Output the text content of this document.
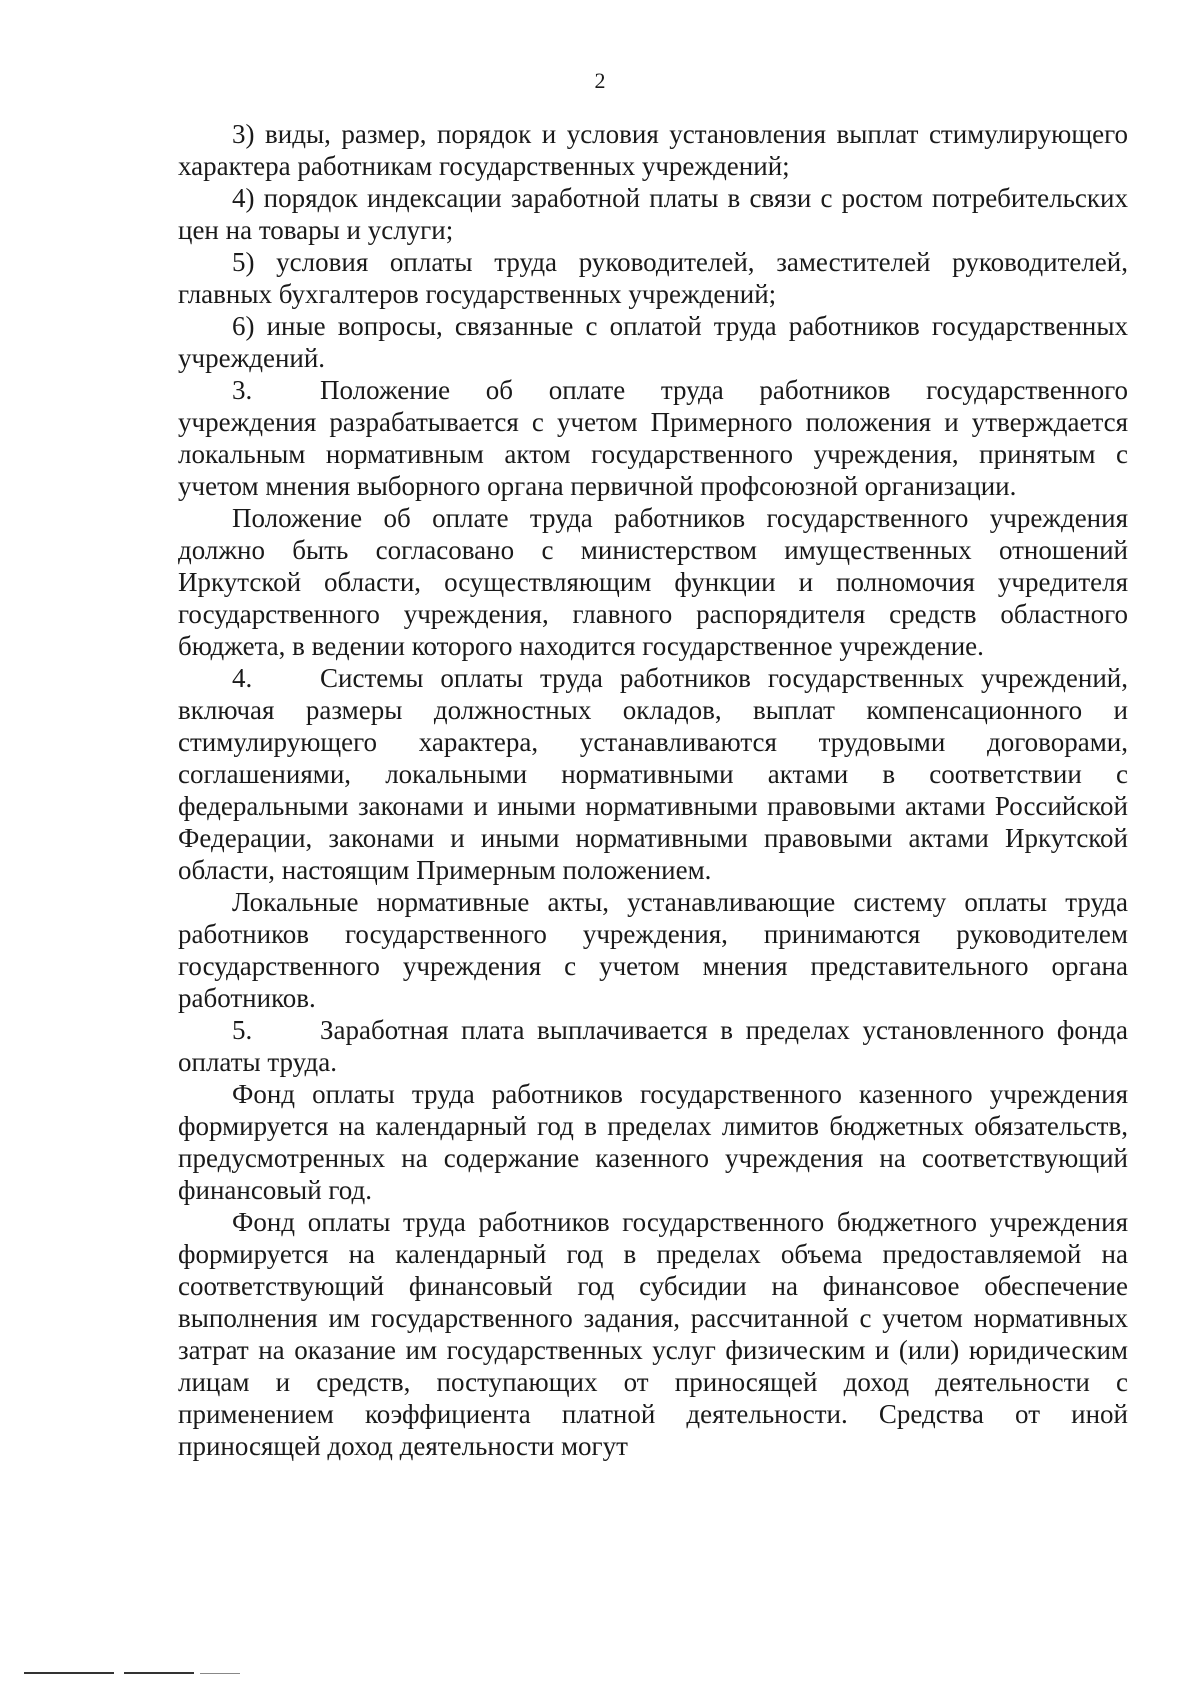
2

3) виды, размер, порядок и условия установления выплат стимулирующего характера работникам государственных учреждений;

4) порядок индексации заработной платы в связи с ростом потребительских цен на товары и услуги;

5) условия оплаты труда руководителей, заместителей руководителей, главных бухгалтеров государственных учреждений;

6) иные вопросы, связанные с оплатой труда работников государственных учреждений.

3.	Положение об оплате труда работников государственного учреждения разрабатывается с учетом Примерного положения и утверждается локальным нормативным актом государственного учреждения, принятым с учетом мнения выборного органа первичной профсоюзной организации.

Положение об оплате труда работников государственного учреждения должно быть согласовано с министерством имущественных отношений Иркутской области, осуществляющим функции и полномочия учредителя государственного учреждения, главного распорядителя средств областного бюджета, в ведении которого находится государственное учреждение.

4.	Системы оплаты труда работников государственных учреждений, включая размеры должностных окладов, выплат компенсационного и стимулирующего характера, устанавливаются трудовыми договорами, соглашениями, локальными нормативными актами в соответствии с федеральными законами и иными нормативными правовыми актами Российской Федерации, законами и иными нормативными правовыми актами Иркутской области, настоящим Примерным положением.

Локальные нормативные акты, устанавливающие систему оплаты труда работников государственного учреждения, принимаются руководителем государственного учреждения с учетом мнения представительного органа работников.

5.	Заработная плата выплачивается в пределах установленного фонда оплаты труда.

Фонд оплаты труда работников государственного казенного учреждения формируется на календарный год в пределах лимитов бюджетных обязательств, предусмотренных на содержание казенного учреждения на соответствующий финансовый год.

Фонд оплаты труда работников государственного бюджетного учреждения формируется на календарный год в пределах объема предоставляемой на соответствующий финансовый год субсидии на финансовое обеспечение выполнения им государственного задания, рассчитанной с учетом нормативных затрат на оказание им государственных услуг физическим и (или) юридическим лицам и средств, поступающих от приносящей доход деятельности с применением коэффициента платной деятельности. Средства от иной приносящей доход деятельности могут
